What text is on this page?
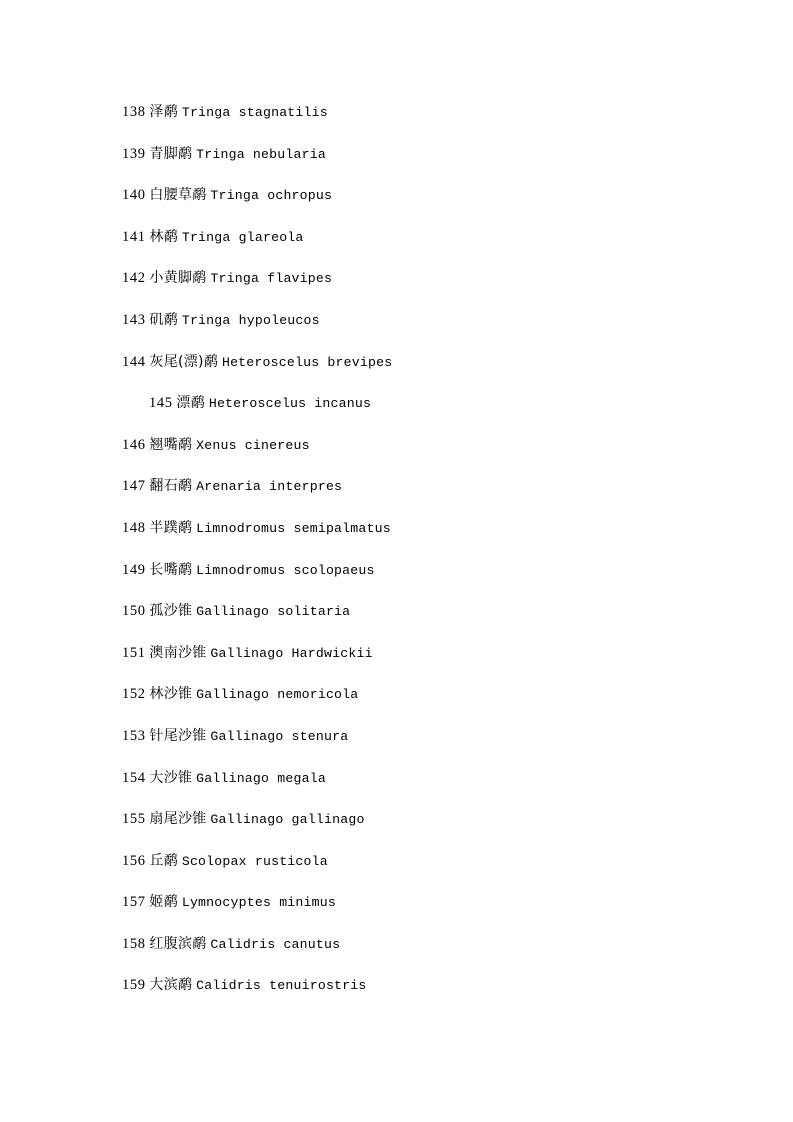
138 泽鹬 Tringa stagnatilis
139 青脚鹬 Tringa nebularia
140 白腰草鹬 Tringa ochropus
141 林鹬 Tringa glareola
142 小黄脚鹬 Tringa flavipes
143 矶鹬 Tringa hypoleucos
144 灰尾(漂)鹬 Heteroscelus brevipes
145 漂鹬 Heteroscelus incanus
146 翘嘴鹬 Xenus cinereus
147 翻石鹬 Arenaria interpres
148 半蹼鹬 Limnodromus semipalmatus
149 长嘴鹬 Limnodromus scolopaeus
150 孤沙锥 Gallinago solitaria
151 澳南沙锥 Gallinago Hardwickii
152 林沙锥 Gallinago nemoricola
153 针尾沙锥 Gallinago stenura
154 大沙锥 Gallinago megala
155 扇尾沙锥 Gallinago gallinago
156 丘鹬 Scolopax rusticola
157 姬鹬 Lymnocyptes minimus
158 红腹滨鹬 Calidris canutus
159 大滨鹬 Calidris tenuirostris
